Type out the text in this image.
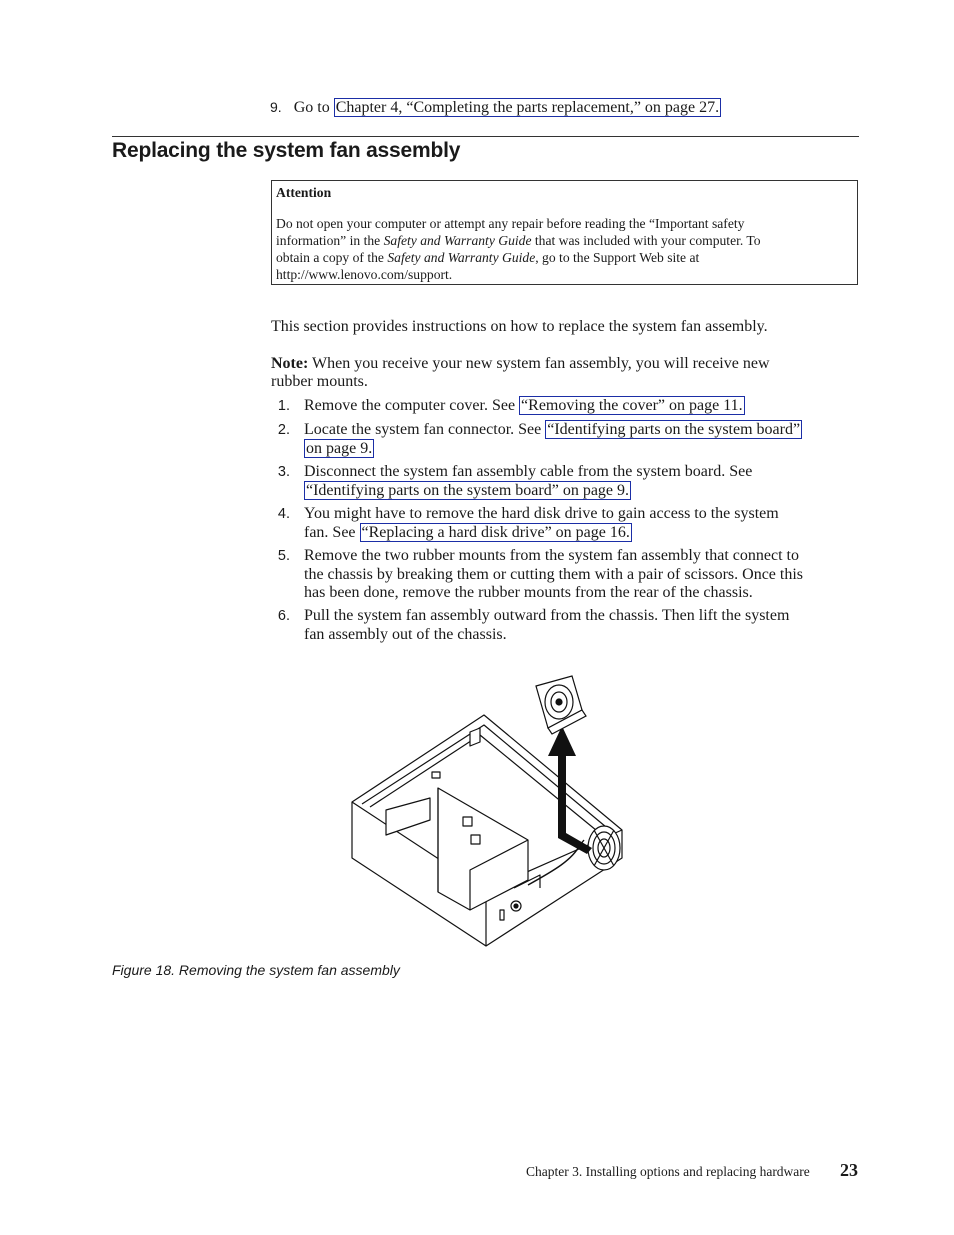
9. Go to Chapter 4, “Completing the parts replacement,” on page 27.
Replacing the system fan assembly
Attention
Do not open your computer or attempt any repair before reading the “Important safety
information” in the Safety and Warranty Guide that was included with your computer. To
obtain a copy of the Safety and Warranty Guide, go to the Support Web site at
http://www.lenovo.com/support.
This section provides instructions on how to replace the system fan assembly.
Note: When you receive your new system fan assembly, you will receive new
rubber mounts.
1. Remove the computer cover. See “Removing the cover” on page 11.
2. Locate the system fan connector. See “Identifying parts on the system board”
on page 9.
3. Disconnect the system fan assembly cable from the system board. See
“Identifying parts on the system board” on page 9.
4. You might have to remove the hard disk drive to gain access to the system
fan. See “Replacing a hard disk drive” on page 16.
5. Remove the two rubber mounts from the system fan assembly that connect to
the chassis by breaking them or cutting them with a pair of scissors. Once this
has been done, remove the rubber mounts from the rear of the chassis.
6. Pull the system fan assembly outward from the chassis. Then lift the system
fan assembly out of the chassis.
Figure 18. Removing the system fan assembly
Chapter 3. Installing options and replacing hardware 23
